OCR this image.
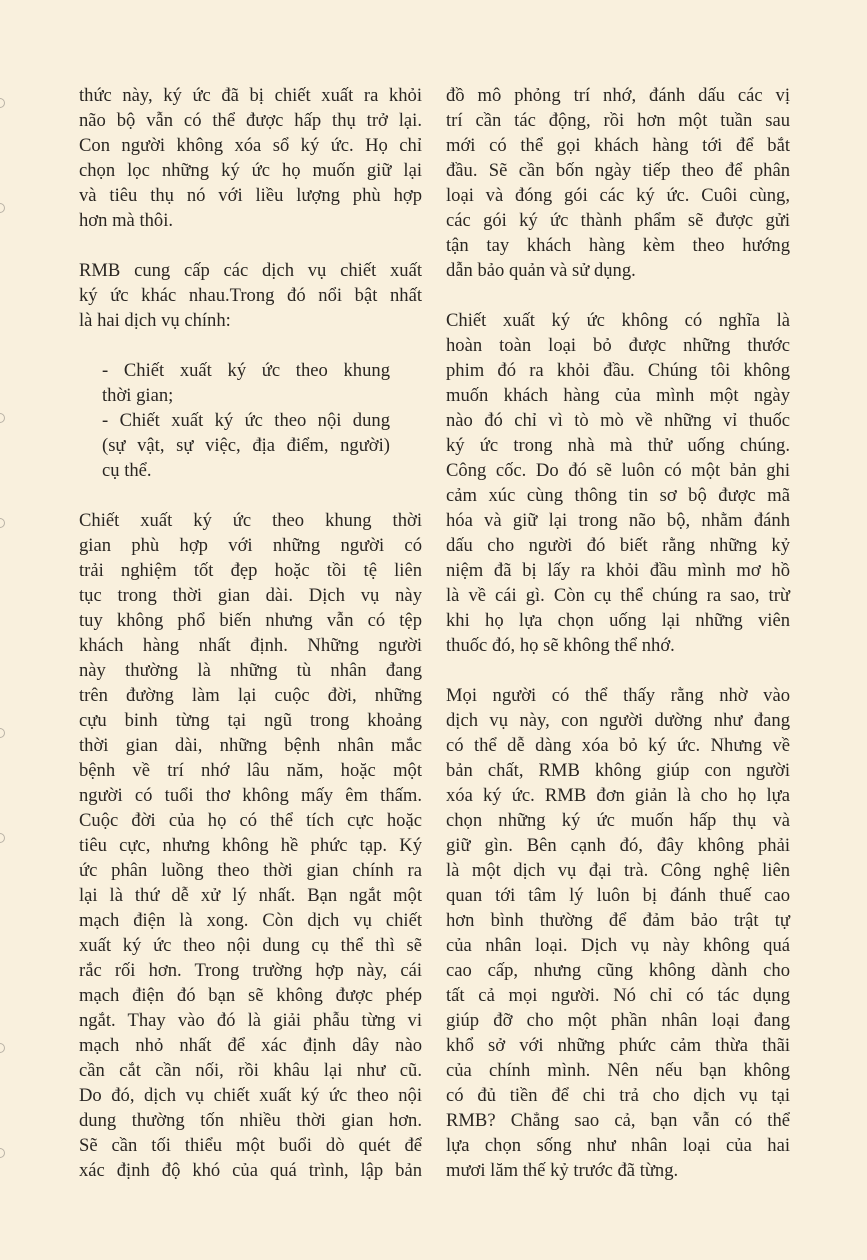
thức này, ký ức đã bị chiết xuất ra khỏi
não bộ vẫn có thể được hấp thụ trở lại.
Con người không xóa sổ ký ức. Họ chỉ
chọn lọc những ký ức họ muốn giữ lại
và tiêu thụ nó với liều lượng phù hợp
hơn mà thôi.
RMB cung cấp các dịch vụ chiết xuất
ký ức khác nhau.Trong đó nổi bật nhất
là hai dịch vụ chính:
- Chiết xuất ký ức theo khung
thời gian;
- Chiết xuất ký ức theo nội dung
(sự vật, sự việc, địa điểm, người)
cụ thể.
Chiết xuất ký ức theo khung thời
gian phù hợp với những người có
trải nghiệm tốt đẹp hoặc tồi tệ liên
tục trong thời gian dài. Dịch vụ này
tuy không phổ biến nhưng vẫn có tệp
khách hàng nhất định. Những người
này thường là những tù nhân đang
trên đường làm lại cuộc đời, những
cựu binh từng tại ngũ trong khoảng
thời gian dài, những bệnh nhân mắc
bệnh về trí nhớ lâu năm, hoặc một
người có tuổi thơ không mấy êm thấm.
Cuộc đời của họ có thể tích cực hoặc
tiêu cực, nhưng không hề phức tạp. Ký
ức phân luồng theo thời gian chính ra
lại là thứ dễ xử lý nhất. Bạn ngắt một
mạch điện là xong. Còn dịch vụ chiết
xuất ký ức theo nội dung cụ thể thì sẽ
rắc rối hơn. Trong trường hợp này, cái
mạch điện đó bạn sẽ không được phép
ngắt. Thay vào đó là giải phẫu từng vi
mạch nhỏ nhất để xác định dây nào
cần cắt cần nối, rồi khâu lại như cũ.
Do đó, dịch vụ chiết xuất ký ức theo nội
dung thường tốn nhiều thời gian hơn.
Sẽ cần tối thiểu một buổi dò quét để
xác định độ khó của quá trình, lập bản
đồ mô phỏng trí nhớ, đánh dấu các vị
trí cần tác động, rồi hơn một tuần sau
mới có thể gọi khách hàng tới để bắt
đầu. Sẽ cần bốn ngày tiếp theo để phân
loại và đóng gói các ký ức. Cuôi cùng,
các gói ký ức thành phẩm sẽ được gửi
tận tay khách hàng kèm theo hướng
dẫn bảo quản và sử dụng.
Chiết xuất ký ức không có nghĩa là
hoàn toàn loại bỏ được những thước
phim đó ra khỏi đầu. Chúng tôi không
muốn khách hàng của mình một ngày
nào đó chỉ vì tò mò về những vỉ thuốc
ký ức trong nhà mà thử uống chúng.
Công cốc. Do đó sẽ luôn có một bản ghi
cảm xúc cùng thông tin sơ bộ được mã
hóa và giữ lại trong não bộ, nhằm đánh
dấu cho người đó biết rằng những kỷ
niệm đã bị lấy ra khỏi đầu mình mơ hồ
là về cái gì. Còn cụ thể chúng ra sao, trừ
khi họ lựa chọn uống lại những viên
thuốc đó, họ sẽ không thể nhớ.
Mọi người có thể thấy rằng nhờ vào
dịch vụ này, con người dường như đang
có thể dễ dàng xóa bỏ ký ức. Nhưng về
bản chất, RMB không giúp con người
xóa ký ức. RMB đơn giản là cho họ lựa
chọn những ký ức muốn hấp thụ và
giữ gìn. Bên cạnh đó, đây không phải
là một dịch vụ đại trà. Công nghệ liên
quan tới tâm lý luôn bị đánh thuế cao
hơn bình thường để đảm bảo trật tự
của nhân loại. Dịch vụ này không quá
cao cấp, nhưng cũng không dành cho
tất cả mọi người. Nó chỉ có tác dụng
giúp đỡ cho một phần nhân loại đang
khổ sở với những phức cảm thừa thãi
của chính mình. Nên nếu bạn không
có đủ tiền để chi trả cho dịch vụ tại
RMB? Chẳng sao cả, bạn vẫn có thể
lựa chọn sống như nhân loại của hai
mươi lăm thế kỷ trước đã từng.
